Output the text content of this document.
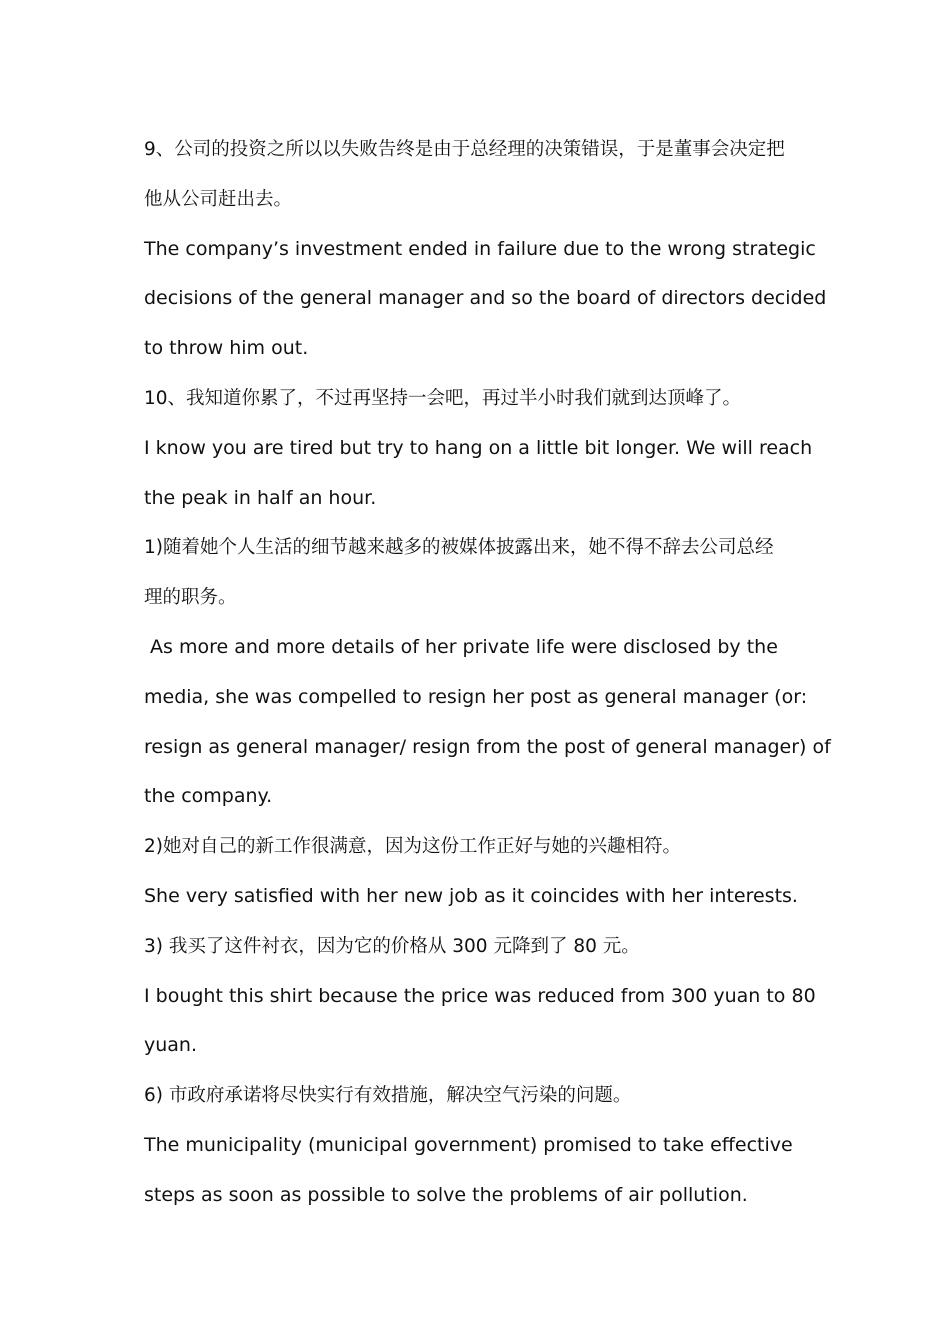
9、公司的投资之所以以失败告终是由于总经理的决策错误，于是董事会决定把
他从公司赶出去。
The company’s investment ended in failure due to the wrong strategic
decisions of the general manager and so the board of directors decided
to throw him out.
10、我知道你累了，不过再坚持一会吧，再过半小时我们就到达顶峰了。
I know you are tired but try to hang on a little bit longer. We will reach
the peak in half an hour.
1)随着她个人生活的细节越来越多的被媒体披露出来，她不得不辞去公司总经
理的职务。
As more and more details of her private life were disclosed by the
media, she was compelled to resign her post as general manager (or:
resign as general manager/ resign from the post of general manager) of
the company.
2)她对自己的新工作很满意，因为这份工作正好与她的兴趣相符。
She very satisfied with her new job as it coincides with her interests.
3) 我买了这件衬衣，因为它的价格从 300 元降到了 80 元。
I bought this shirt because the price was reduced from 300 yuan to 80
yuan.
6) 市政府承诺将尽快实行有效措施，解决空气污染的问题。
The municipality (municipal government) promised to take effective
steps as soon as possible to solve the problems of air pollution.
